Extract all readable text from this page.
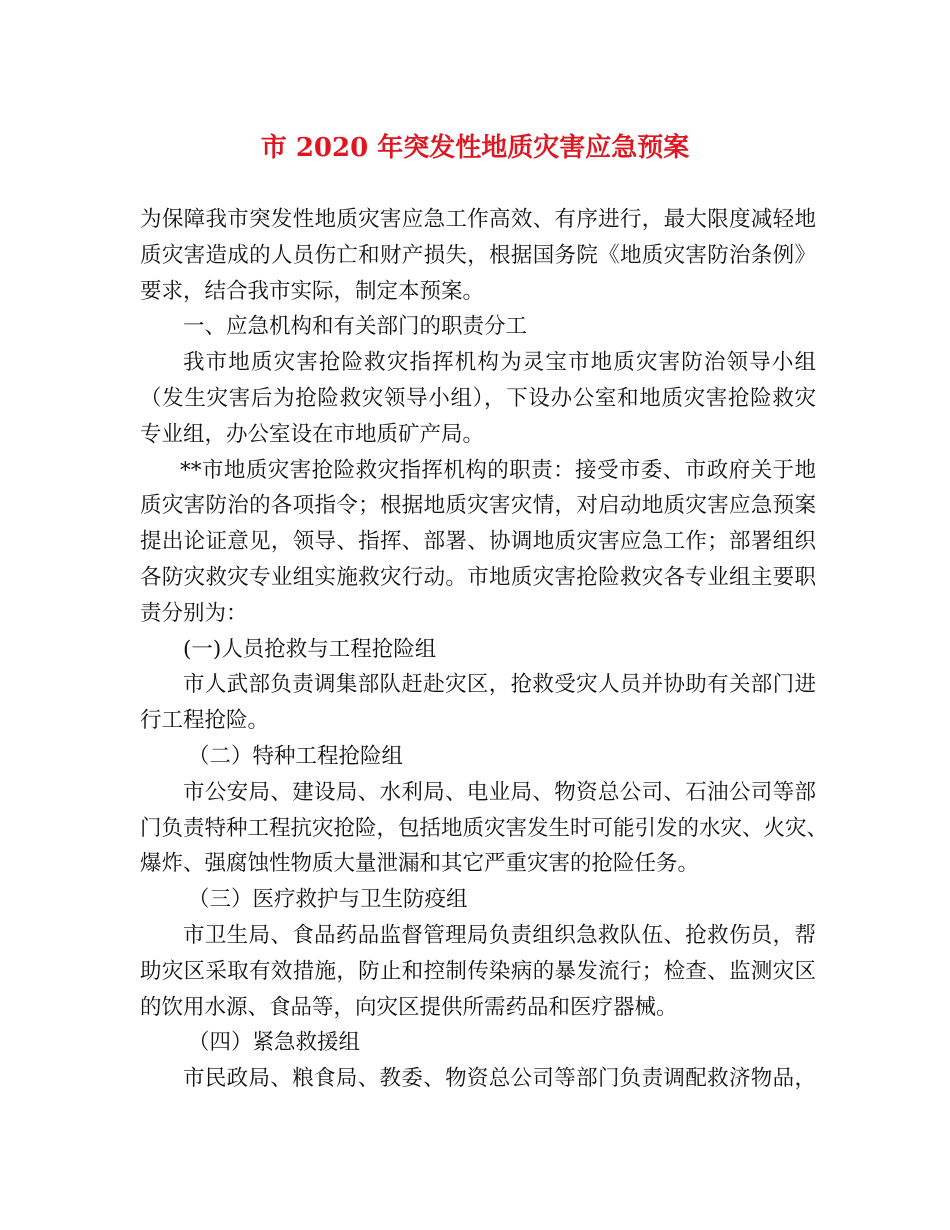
市 2020 年突发性地质灾害应急预案
为保障我市突发性地质灾害应急工作高效、有序进行，最大限度减轻地
质灾害造成的人员伤亡和财产损失，根据国务院《地质灾害防治条例》
要求，结合我市实际，制定本预案。
一、应急机构和有关部门的职责分工
我市地质灾害抢险救灾指挥机构为灵宝市地质灾害防治领导小组
（发生灾害后为抢险救灾领导小组），下设办公室和地质灾害抢险救灾
专业组，办公室设在市地质矿产局。
**市地质灾害抢险救灾指挥机构的职责：接受市委、市政府关于地
质灾害防治的各项指令；根据地质灾害灾情，对启动地质灾害应急预案
提出论证意见，领导、指挥、部署、协调地质灾害应急工作；部署组织
各防灾救灾专业组实施救灾行动。市地质灾害抢险救灾各专业组主要职
责分别为：
(一)人员抢救与工程抢险组
市人武部负责调集部队赶赴灾区，抢救受灾人员并协助有关部门进
行工程抢险。
（二）特种工程抢险组
市公安局、建设局、水利局、电业局、物资总公司、石油公司等部
门负责特种工程抗灾抢险，包括地质灾害发生时可能引发的水灾、火灾、
爆炸、强腐蚀性物质大量泄漏和其它严重灾害的抢险任务。
（三）医疗救护与卫生防疫组
市卫生局、食品药品监督管理局负责组织急救队伍、抢救伤员，帮
助灾区采取有效措施，防止和控制传染病的暴发流行；检查、监测灾区
的饮用水源、食品等，向灾区提供所需药品和医疗器械。
（四）紧急救援组
市民政局、粮食局、教委、物资总公司等部门负责调配救济物品，
